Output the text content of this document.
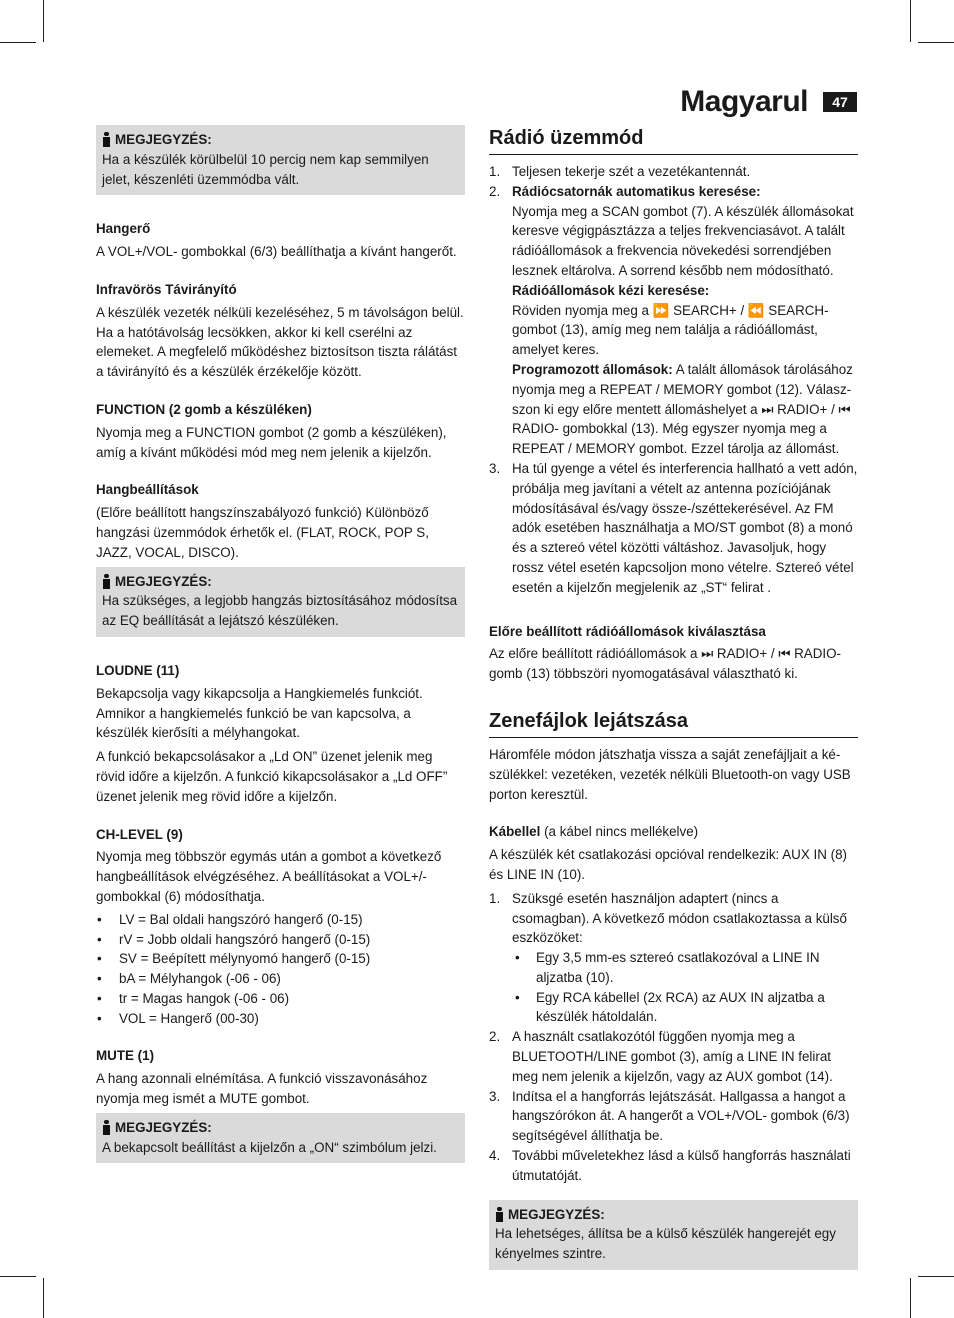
Magyarul	47
MEGJEGYZÉS:

Ha a készülék körülbelül 10 percig nem kap semmilyen jelet, készenléti üzemmódba vált.

Hangerő

A VOL+/VOL- gombokkal (6/3) beállíthatja a kívánt hangerőt.

Infravörös Távirányító

A készülék vezeték nélküli kezeléséhez, 5 m távolságon belül. Ha a hatótávolság lecsökken, akkor ki kell cserélni az elemeket. A megfelelő működéshez biztosítson tiszta rálátást a távirányító és a készülék érzékelője között.

FUNCTION (2 gomb a készüléken)

Nyomja meg a FUNCTION gombot (2 gomb a készüléken), amíg a kívánt működési mód meg nem jelenik a kijelzőn.

Hangbeállítások

(Előre beállított hangszínszabályozó funkció) Különböző hangzási üzemmódok érhetők el. (FLAT, ROCK, POP S, JAZZ, VOCAL, DISCO).

MEGJEGYZÉS:

Ha szükséges, a legjobb hangzás biztosításához módosítsa az EQ beállítását a lejátszó készüléken.

LOUDNE (11)

Bekapcsolja vagy kikapcsolja a Hangkiemelés funkciót. Amnikor a hangkiemelés funkció be van kapcsolva, a készülék kierősíti a mélyhangokat.

A funkció bekapcsolásakor a „Ld ON” üzenet jelenik meg rövid időre a kijelzőn. A funkció kikapcsolásakor a „Ld OFF” üzenet jelenik meg rövid időre a kijelzőn.

CH-LEVEL (9)

Nyomja meg többször egymás után a gombot a következő hangbeállítások elvégzéséhez. A beállításokat a VOL+/- gombokkal (6) módosíthatja.

• LV = Bal oldali hangszóró hangerő (0-15)
• rV = Jobb oldali hangszóró hangerő (0-15)
• SV = Beépített mélynyomó hangerő (0-15)
• bA = Mélyhangok (-06 - 06)
• tr = Magas hangok (-06 - 06)
• VOL = Hangerő (00-30)

MUTE (1)

A hang azonnali elnémítása. A funkció visszavonásához nyomja meg ismét a MUTE gombot.

MEGJEGYZÉS:

A bekapcsolt beállítást a kijelzőn a „ON“ szimbólum jelzi.

Rádió üzemmód
1. Teljesen tekerje szét a vezetékantennát.
2. Rádiócsatornák automatikus keresése:

Nyomja meg a SCAN gombot (7). A készülék állomásokat keresve végigpásztázza a teljes frekvenciasávot. A talált rádióállomások a frekvencia növekedési sorrendjében lesznek eltárolva. A sorrend később nem módosítható.

Rádióállomások kézi keresése:

Röviden nyomja meg a ⏩ SEARCH+ / ⏪ SEARCH- gombot (13), amíg meg nem találja a rádióállomást, amelyet keres.

Programozott állomások: A talált állomások tárolásához nyomja meg a REPEAT / MEMORY gombot (12). Válaszszon ki egy előre mentett állomáshelyet a ⏭ RADIO+ / ⏮ RADIO- gombokkal (13). Még egyszer nyomja meg a REPEAT / MEMORY gombot. Ezzel tárolja az állomást.

3. Ha túl gyenge a vétel és interferencia hallható a vett adón, próbálja meg javítani a vételt az antenna pozíciójának módosításával és/vagy össze-/széttekerésével. Az FM adók esetében használhatja a MO/ST gombot (8) a monó és a sztereó vétel közötti váltáshoz. Javasoljuk, hogy rossz vétel esetén kapcsoljon mono vételre. Sztereó vétel esetén a kijelzőn megjelenik az „ST“ felirat .

Előre beállított rádióállomások kiválasztása

Az előre beállított rádióállomások a ⏭ RADIO+ / ⏮ RADIO-gomb (13) többszöri nyomogatásával választható ki.

Zenefájlok lejátszása

Háromféle módon játszhatja vissza a saját zenefájljait a készülékkel: vezetéken, vezeték nélküli Bluetooth-on vagy USB porton keresztül.

Kábellel (a kábel nincs mellékelve)

A készülék két csatlakozási opcióval rendelkezik: AUX IN (8) és LINE IN (10).

1. Szüksgé esetén használjon adaptert (nincs a csomagban). A következő módon csatlakoztassa a külső eszközöket:
• Egy 3,5 mm-es sztereó csatlakozóval a LINE IN aljzatba (10).
• Egy RCA kábellel (2x RCA) az AUX IN aljzatba a készülék hátoldalán.
2. A használt csatlakozótól függően nyomja meg a BLUETOOTH/LINE gombot (3), amíg a LINE IN felirat meg nem jelenik a kijelzőn, vagy az AUX gombot (14).
3. Indítsa el a hangforrás lejátszását. Hallgassa a hangot a hangszórókon át. A hangerőt a VOL+/VOL- gombok (6/3) segítségével állíthatja be.
4. További műveletekhez lásd a külső hangforrás használati útmutatóját.
MEGJEGYZÉS:

Ha lehetséges, állítsa be a külső készülék hangerejét egy kényelmes szintre.
